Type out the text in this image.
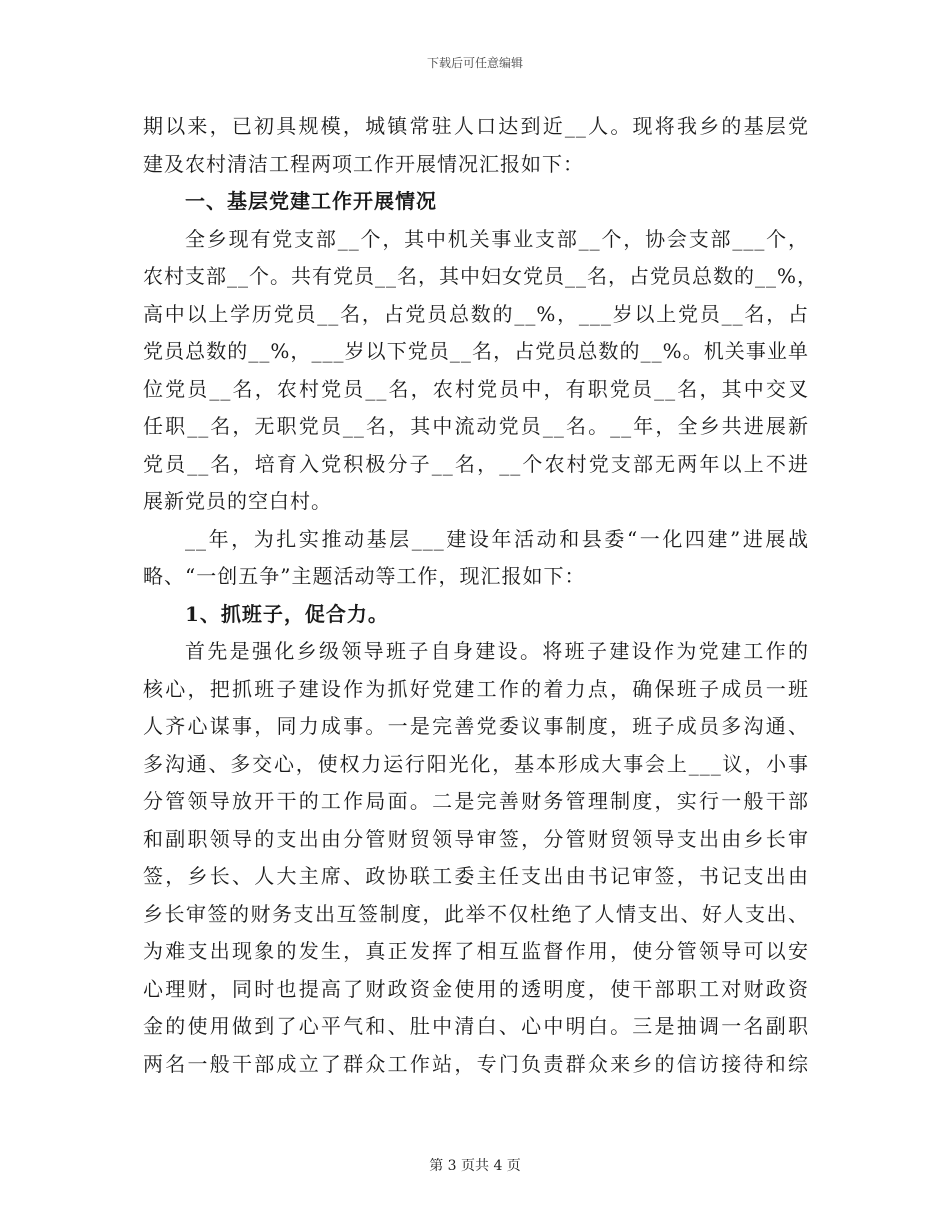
下载后可任意编辑
期以来，已初具规模，城镇常驻人口达到近__人。现将我乡的基层党
建及农村清洁工程两项工作开展情况汇报如下：
一、基层党建工作开展情况
全乡现有党支部__个，其中机关事业支部__个，协会支部___个，
农村支部__个。共有党员__名，其中妇女党员__名，占党员总数的__%，
高中以上学历党员__名，占党员总数的__%，___岁以上党员__名，占
党员总数的__%，___岁以下党员__名，占党员总数的__%。机关事业单
位党员__名，农村党员__名，农村党员中，有职党员__名，其中交叉
任职__名，无职党员__名，其中流动党员__名。__年，全乡共进展新
党员__名，培育入党积极分子__名，__个农村党支部无两年以上不进
展新党员的空白村。
__年，为扎实推动基层___建设年活动和县委“一化四建”进展战
略、“一创五争”主题活动等工作，现汇报如下：
1、抓班子，促合力。
首先是强化乡级领导班子自身建设。将班子建设作为党建工作的
核心，把抓班子建设作为抓好党建工作的着力点，确保班子成员一班
人齐心谋事，同力成事。一是完善党委议事制度，班子成员多沟通、
多沟通、多交心，使权力运行阳光化，基本形成大事会上___议，小事
分管领导放开干的工作局面。二是完善财务管理制度，实行一般干部
和副职领导的支出由分管财贸领导审签，分管财贸领导支出由乡长审
签，乡长、人大主席、政协联工委主任支出由书记审签，书记支出由
乡长审签的财务支出互签制度，此举不仅杜绝了人情支出、好人支出、
为难支出现象的发生，真正发挥了相互监督作用，使分管领导可以安
心理财，同时也提高了财政资金使用的透明度，使干部职工对财政资
金的使用做到了心平气和、肚中清白、心中明白。三是抽调一名副职
两名一般干部成立了群众工作站，专门负责群众来乡的信访接待和综
第 3 页共 4 页
